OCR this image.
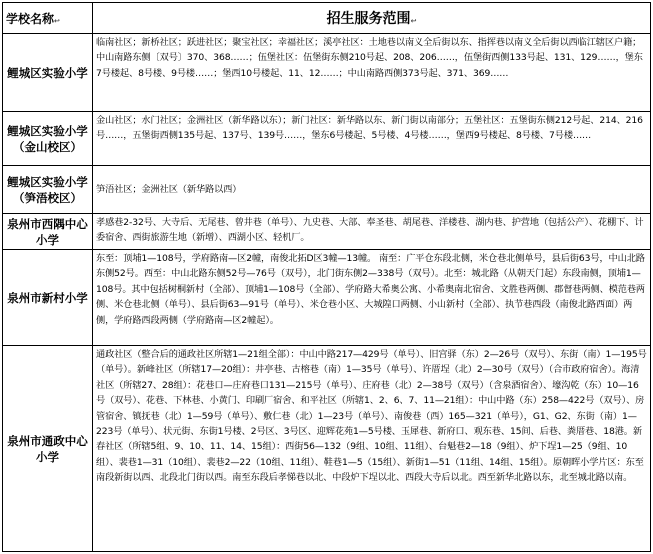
学校名称↩	招生服务范围↩
鲤城区实验小学	临南社区；新桥社区；跃进社区；聚宝社区；幸福社区；溪亭社区：土地巷以南义全后街以东、指挥巷以南义全后街以西临江辖区户籍；中山南路东侧〔双号〕370、368……；伍堡社区：伍堡街东侧210号起、208、206……，伍堡街西侧133号起、131、129……，堡东7号楼起、8号楼、9号楼……；堡西10号楼起、11、12……；中山南路西侧373号起、371、369……
鲤城区实验小学（金山校区）	金山社区；水门社区；金洲社区（新华路以东）；新门社区：新华路以东、新门街以南部分；五堡社区：五堡街东侧212号起、214、216号……，五堡街西侧135号起、137号、139号……，堡东6号楼起、5号楼、4号楼……，堡西9号楼起、8号楼、7号楼……
鲤城区实验小学（笋浯校区）	笋浯社区；金洲社区（新华路以西）
泉州市西隅中心小学	孝感巷2-32号、大寺后、无尾巷、曾井巷（单号）、九史巷、大部、奉圣巷、胡尾巷、洋楼巷、湖内巷、护营地（包括公产）、花棚下、计委宿舍、西街旅游生地（新增）、西湖小区、轻机厂。
泉州市新村小学	东至：顶埔1—108号，学府路南—区2幢，南俊北拓D区3幢—13幢。 南至：广平仓东段北侧，米仓巷北侧单号，县后街63号，中山北路东侧52号。西至：中山北路东侧52号—76号（双号），北门街东侧2—338号（双号）。北至：城北路（从朝天门起）东段南侧，顶埔1—108号。其中包括树桐新村（全部）、顶埔1—108号（全部）、学府路大希奥公寓、小希奥南北宿舍、文胜巷两侧、郡督巷两侧、模范巷两侧、米仓巷北侧（单号）、县后街63—91号（单号）、米仓巷小区、大城隍口两侧、小山新村（全部）、执节巷西段（南俊北路西面）两侧，学府路西段两侧（学府路南—区2幢起）。
泉州市通政中心小学	通政社区（整合后的通政社区所辖1—21组全部）：中山中路217—429号（单号）、旧宫驿（东）2—26号（双号）、东街（南）1—195号（单号）。新峰社区（所辖17—20组）：井亭巷、古榕巷（南）1—35号（单号）、许厝埕（北）2—30号（双号）（合市政府宿舍）。海清社区（所辖27、28组）：花巷口—庄府巷口131—215号（单号）、庄府巷（北）2—38号（双号）（含泉酒宿舍）、壕沟乾（东）10—16号（双号）、花巷、下林巷、小黄门、印刷厂宿舍、和平社区（所辖1、2、6、7、11—21组）：中山中路（东）258—422号（双号）、房管宿舍、镇抚巷（北）1—59号（单号）、敷仁巷（北）1—23号（单号）、南俊巷（西）165—321（单号），G1、G2、东街（南）1—223号（单号）、状元街、东街1号楼、2号区、3号区、迎辉花苑1—5号楼、玉犀巷、新府口、观东巷、15间、后巷、粪厝巷、18港。新春社区（所辖5组、9、10、11、14、15组）：西街56—132（9组、10组、11组）、台魁巷2—18（9组）、炉下埕1—25（9组、10组）、裴巷1—31（10组）、裴巷2—22（10组、11组）、鞋巷1—5（15组）、新街1—51（11组、14组、15组）。原朝晖小学片区：东至南段新街以西、北段北门街以西。南至东段后孝悌巷以北、中段炉下埕以北、西段大寺后以北。西至新华北路以东，北至城北路以南。
